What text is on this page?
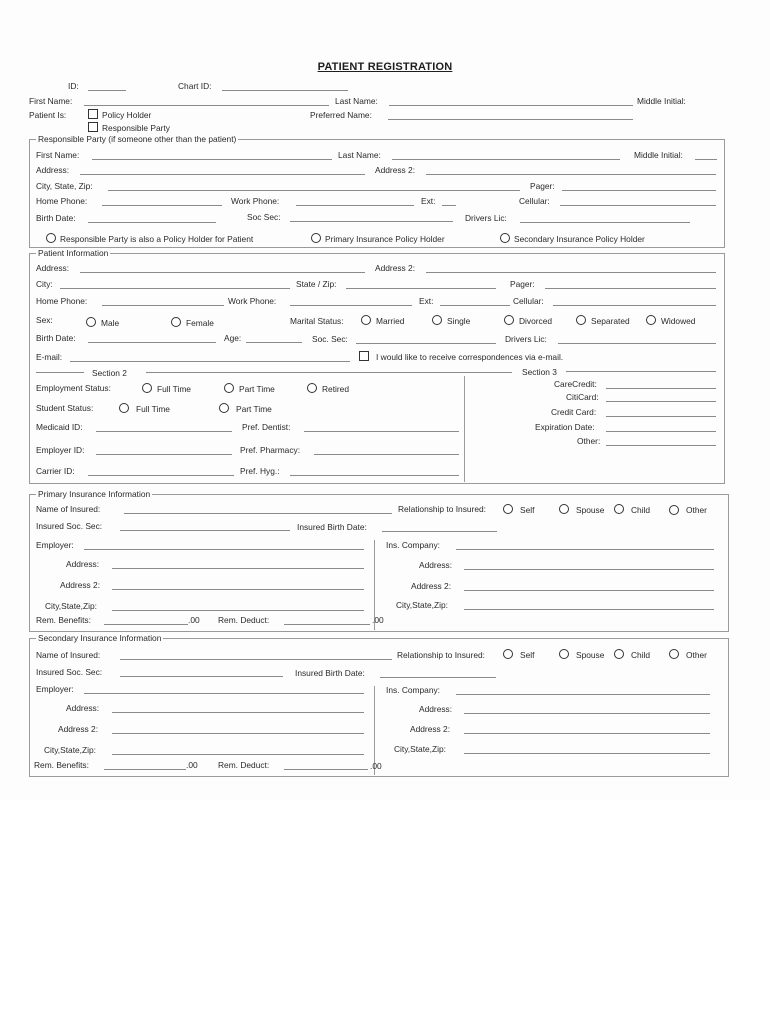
PATIENT REGISTRATION
ID:	Chart ID:
First Name:	Last Name:	Middle Initial:
Patient Is:	Policy Holder
Responsible Party
Preferred Name:
Responsible Party (if someone other than the patient)
First Name:	Last Name:	Middle Initial:
Address:	Address 2:
City, State, Zip:	Pager:
Home Phone:	Work Phone:	Ext:	Cellular:
Birth Date:	Soc Sec:	Drivers Lic:
Responsible Party is also a Policy Holder for Patient	Primary Insurance Policy Holder	Secondary Insurance Policy Holder
Patient Information
Address:	Address 2:
City:	State / Zip:	Pager:
Home Phone:	Work Phone:	Ext:	Cellular:
Sex:	Male	Female	Marital Status:	Married	Single	Divorced	Separated	Widowed
Birth Date:	Age:	Soc. Sec:	Drivers Lic:
E-mail:	I would like to receive correspondences via e-mail.
Section 2	Section 3
Employment Status:	Full Time	Part Time	Retired
Student Status:	Full Time	Part Time
Medicaid ID:	Pref. Dentist:
Employer ID:	Pref. Pharmacy:
Carrier ID:	Pref. Hyg.:
CareCredit:
CitiCard:
Credit Card:
Expiration Date:
Other:
Primary Insurance Information
Name of Insured:	Relationship to Insured:	Self	Spouse	Child	Other
Insured Soc. Sec:	Insured Birth Date:
Employer:	Ins. Company:
Address:	Address:
Address 2:	Address 2:
City,State,Zip:	City,State,Zip:
Rem. Benefits:	.00 Rem. Deduct:	.00
Secondary Insurance Information
Name of Insured:	Relationship to Insured:	Self	Spouse	Child	Other
Insured Soc. Sec:	Insured Birth Date:
Employer:	Ins. Company:
Address:	Address:
Address 2:	Address 2:
City,State,Zip:	City,State,Zip:
Rem. Benefits:	.00 Rem. Deduct:	.00
